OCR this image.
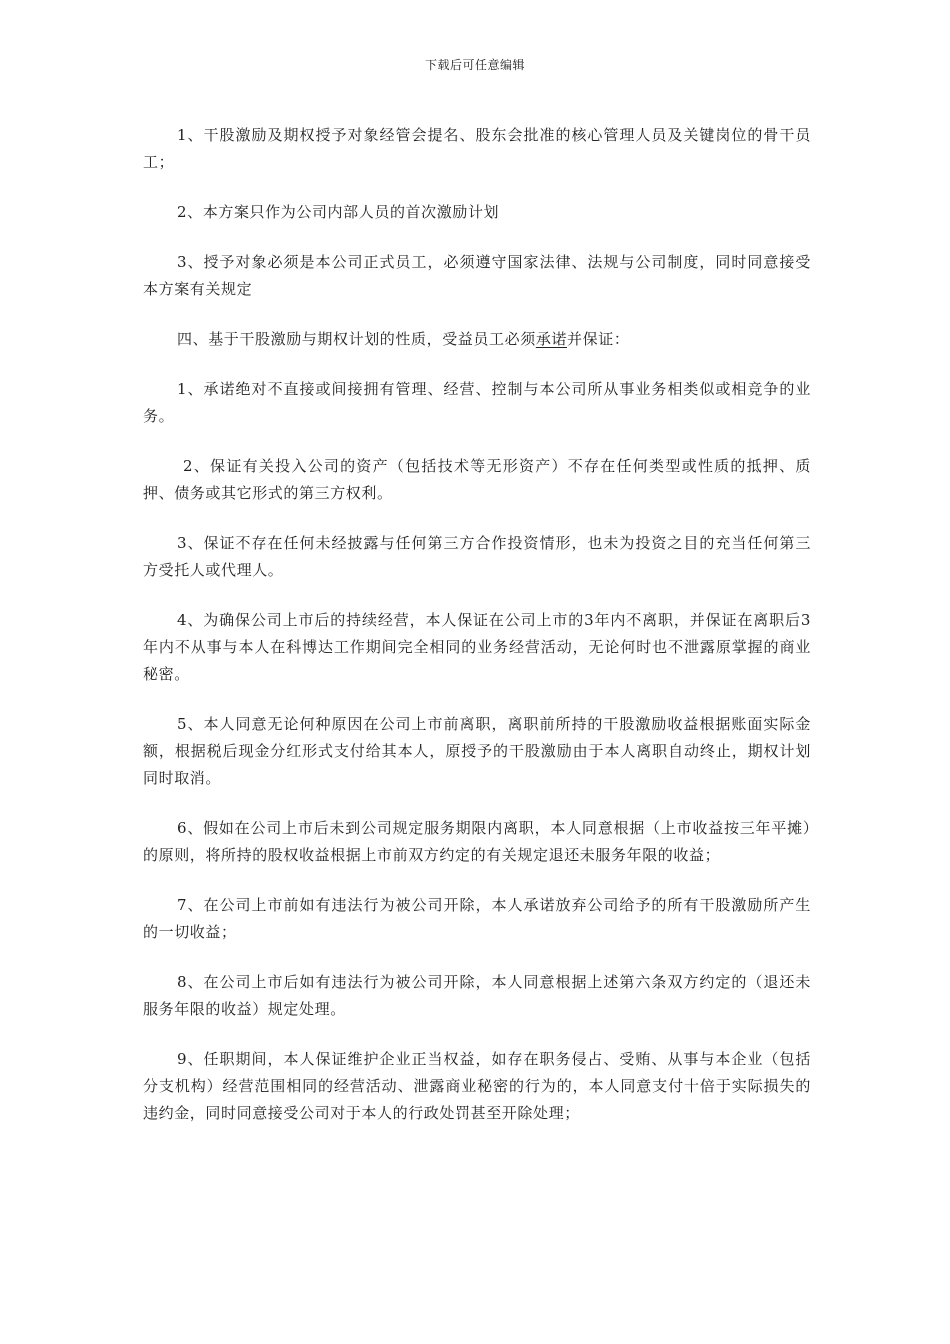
下载后可任意编辑

1、干股激励及期权授予对象经管会提名、股东会批准的核心管理人员及关键岗位的骨干员工；

2、本方案只作为公司内部人员的首次激励计划

3、授予对象必须是本公司正式员工，必须遵守国家法律、法规与公司制度，同时同意接受本方案有关规定

四、基于干股激励与期权计划的性质，受益员工必须承诺并保证：

1、承诺绝对不直接或间接拥有管理、经营、控制与本公司所从事业务相类似或相竞争的业务。

2、保证有关投入公司的资产（包括技术等无形资产）不存在任何类型或性质的抵押、质押、债务或其它形式的第三方权利。

3、保证不存在任何未经披露与任何第三方合作投资情形，也未为投资之目的充当任何第三方受托人或代理人。

4、为确保公司上市后的持续经营，本人保证在公司上市的3年内不离职，并保证在离职后3年内不从事与本人在科博达工作期间完全相同的业务经营活动，无论何时也不泄露原掌握的商业秘密。

5、本人同意无论何种原因在公司上市前离职，离职前所持的干股激励收益根据账面实际金额，根据税后现金分红形式支付给其本人，原授予的干股激励由于本人离职自动终止，期权计划同时取消。

6、假如在公司上市后未到公司规定服务期限内离职，本人同意根据（上市收益按三年平摊）的原则，将所持的股权收益根据上市前双方约定的有关规定退还未服务年限的收益；

7、在公司上市前如有违法行为被公司开除，本人承诺放弃公司给予的所有干股激励所产生的一切收益；

8、在公司上市后如有违法行为被公司开除，本人同意根据上述第六条双方约定的（退还未服务年限的收益）规定处理。

9、任职期间，本人保证维护企业正当权益，如存在职务侵占、受贿、从事与本企业（包括分支机构）经营范围相同的经营活动、泄露商业秘密的行为的，本人同意支付十倍于实际损失的违约金，同时同意接受公司对于本人的行政处罚甚至开除处理；
